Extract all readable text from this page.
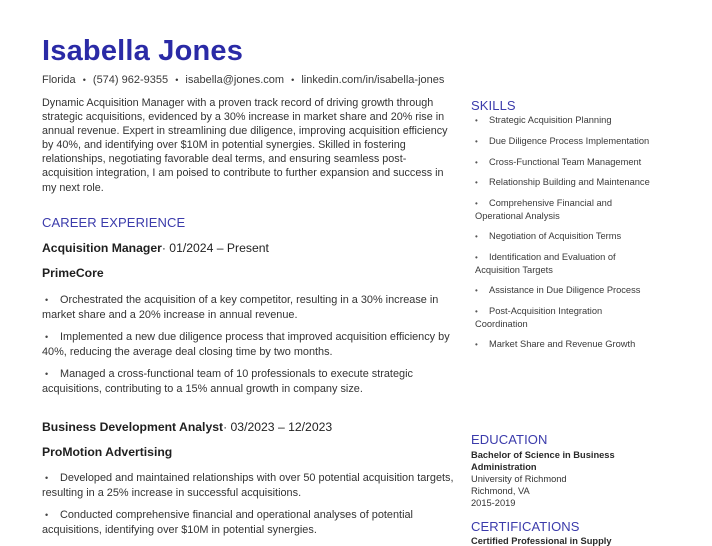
Isabella Jones
Florida • (574) 962-9355 • isabella@jones.com • linkedin.com/in/isabella-jones

Dynamic Acquisition Manager with a proven track record of driving growth through strategic acquisitions, evidenced by a 30% increase in market share and 20% rise in annual revenue. Expert in streamlining due diligence, improving acquisition efficiency by 40%, and identifying over $10M in potential synergies. Skilled in fostering relationships, negotiating favorable deal terms, and ensuring seamless post-acquisition integration, I am poised to contribute to further expansion and success in my next role.

CAREER EXPERIENCE
Acquisition Manager· 01/2024 – Present
PrimeCore
• Orchestrated the acquisition of a key competitor, resulting in a 30% increase in market share and a 20% increase in annual revenue.
• Implemented a new due diligence process that improved acquisition efficiency by 40%, reducing the average deal closing time by two months.
• Managed a cross-functional team of 10 professionals to execute strategic acquisitions, contributing to a 15% annual growth in company size.
Business Development Analyst· 03/2023 – 12/2023
ProMotion Advertising
• Developed and maintained relationships with over 50 potential acquisition targets, resulting in a 25% increase in successful acquisitions.
• Conducted comprehensive financial and operational analyses of potential acquisitions, identifying over $10M in potential synergies.
SKILLS
• Strategic Acquisition Planning
• Due Diligence Process Implementation
• Cross-Functional Team Management
• Relationship Building and Maintenance
• Comprehensive Financial and Operational Analysis
• Negotiation of Acquisition Terms
• Identification and Evaluation of Acquisition Targets
• Assistance in Due Diligence Process
• Post-Acquisition Integration Coordination
• Market Share and Revenue Growth
EDUCATION
Bachelor of Science in Business Administration
University of Richmond
Richmond, VA
2015-2019
CERTIFICATIONS
Certified Professional in Supply
